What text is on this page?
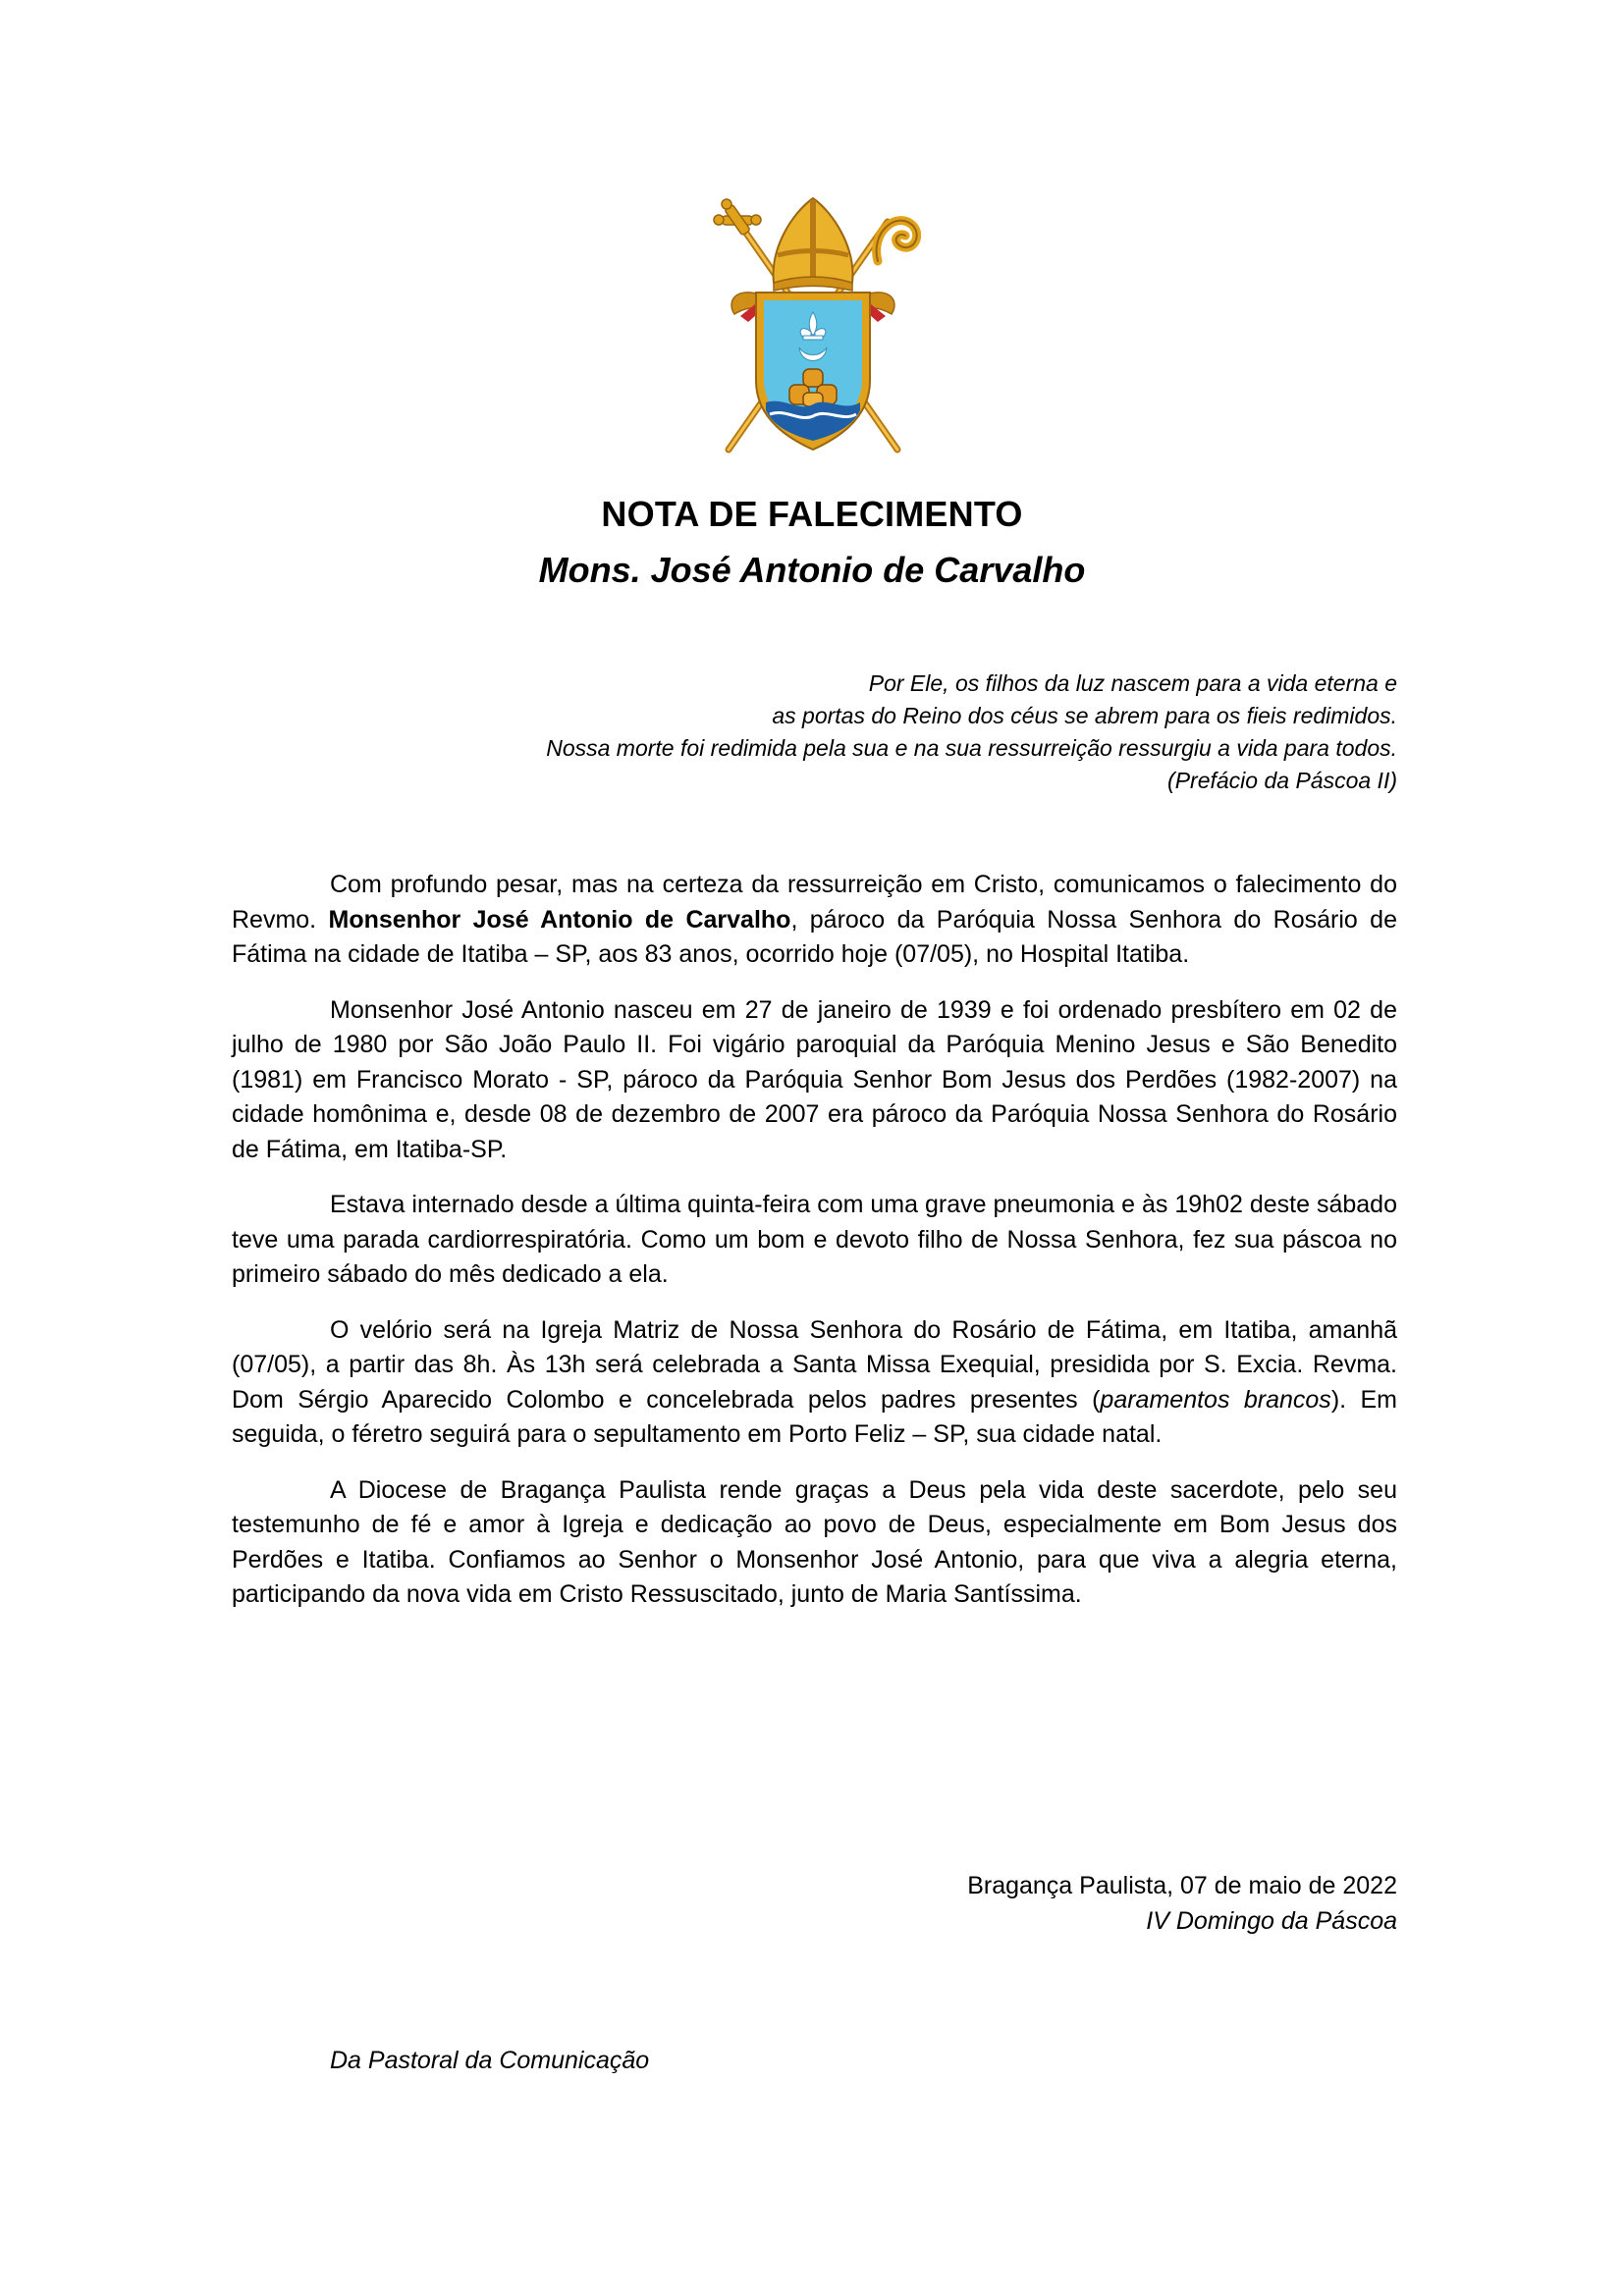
NOTA DE FALECIMENTO
Mons. José Antonio de Carvalho
Por Ele, os filhos da luz nascem para a vida eterna e
as portas do Reino dos céus se abrem para os fieis redimidos.
Nossa morte foi redimida pela sua e na sua ressurreição ressurgiu a vida para todos.
(Prefácio da Páscoa II)

Com profundo pesar, mas na certeza da ressurreição em Cristo, comunicamos o falecimento do Revmo. Monsenhor José Antonio de Carvalho, pároco da Paróquia Nossa Senhora do Rosário de Fátima na cidade de Itatiba – SP, aos 83 anos, ocorrido hoje (07/05), no Hospital Itatiba.

Monsenhor José Antonio nasceu em 27 de janeiro de 1939 e foi ordenado presbítero em 02 de julho de 1980 por São João Paulo II. Foi vigário paroquial da Paróquia Menino Jesus e São Benedito (1981) em Francisco Morato - SP, pároco da Paróquia Senhor Bom Jesus dos Perdões (1982-2007) na cidade homônima e, desde 08 de dezembro de 2007 era pároco da Paróquia Nossa Senhora do Rosário de Fátima, em Itatiba-SP.

Estava internado desde a última quinta-feira com uma grave pneumonia e às 19h02 deste sábado teve uma parada cardiorrespiratória. Como um bom e devoto filho de Nossa Senhora, fez sua páscoa no primeiro sábado do mês dedicado a ela.

O velório será na Igreja Matriz de Nossa Senhora do Rosário de Fátima, em Itatiba, amanhã (07/05), a partir das 8h. Às 13h será celebrada a Santa Missa Exequial, presidida por S. Excia. Revma. Dom Sérgio Aparecido Colombo e concelebrada pelos padres presentes (paramentos brancos). Em seguida, o féretro seguirá para o sepultamento em Porto Feliz – SP, sua cidade natal.

A Diocese de Bragança Paulista rende graças a Deus pela vida deste sacerdote, pelo seu testemunho de fé e amor à Igreja e dedicação ao povo de Deus, especialmente em Bom Jesus dos Perdões e Itatiba. Confiamos ao Senhor o Monsenhor José Antonio, para que viva a alegria eterna, participando da nova vida em Cristo Ressuscitado, junto de Maria Santíssima.

Bragança Paulista, 07 de maio de 2022
IV Domingo da Páscoa
Da Pastoral da Comunicação
